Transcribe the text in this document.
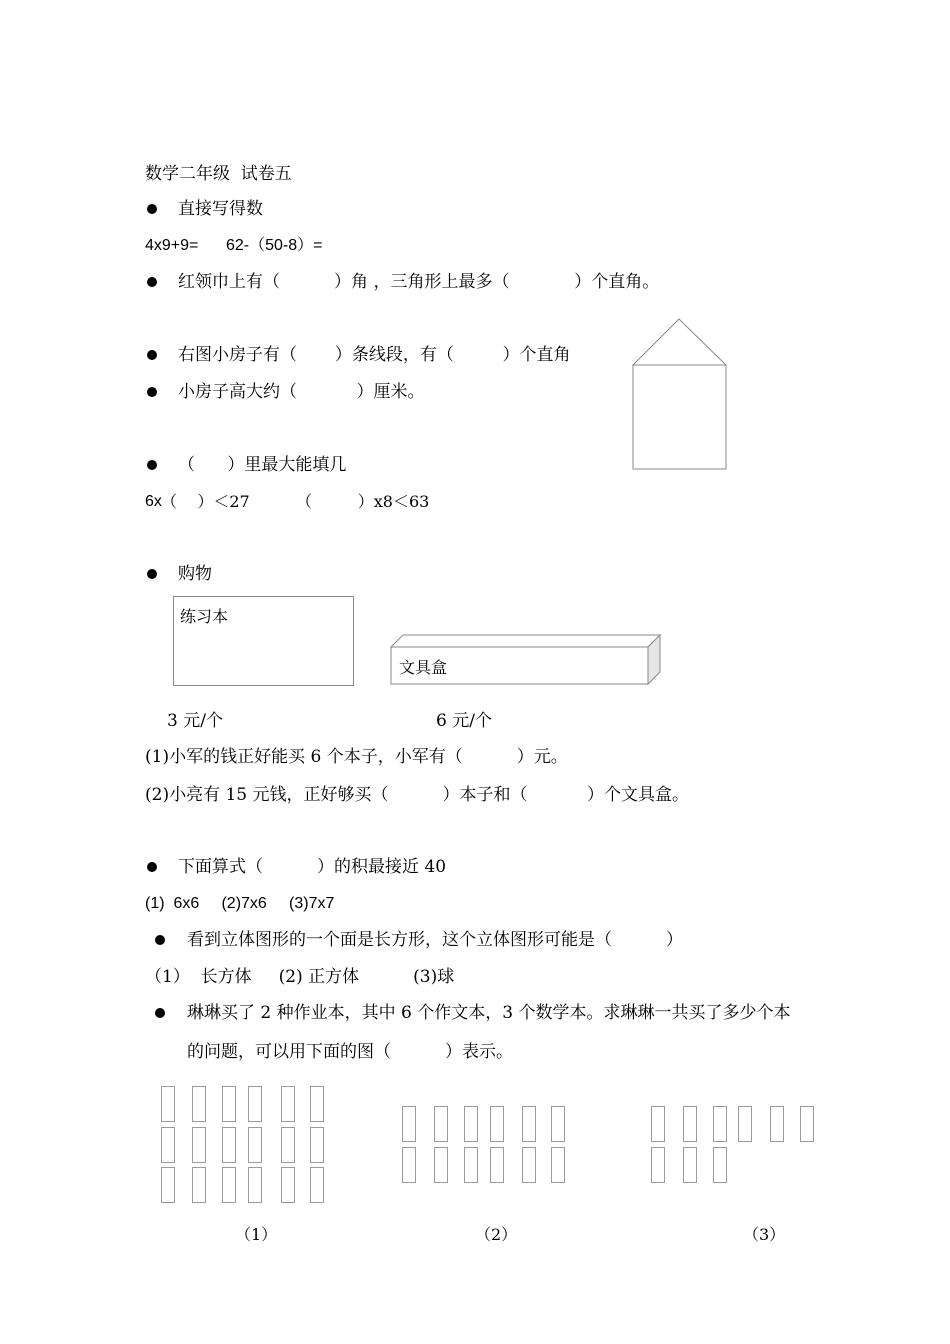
数学二年级  试卷五
直接写得数
4x9+9= 62-（50-8）=
红领巾上有（          ）角 ，三角形上最多（            ）个直角。
右图小房子有（       ）条线段，有（         ）个直角
小房子高大约（           ）厘米。
（      ）里最大能填几
6x （    ）＜27	（         ）x8＜63
购物
练习本
文具盒
3 元/个	6 元/个
(1)小军的钱正好能买 6 个本子，小军有（          ）元。
(2)小亮有 15 元钱，正好够买（          ）本子和（           ）个文具盒。
下面算式（          ）的积最接近 40
(1)  6x6     (2)7x6     (3)7x7
看到立体图形的一个面是长方形，这个立体图形可能是（          ）
（1）  长方体     (2) 正方体          (3)球
琳琳买了 2 种作业本，其中 6 个作文本，3 个数学本。求琳琳一共买了多少个本
的问题，可以用下面的图（          ）表示。
（1）	（2）	（3）
